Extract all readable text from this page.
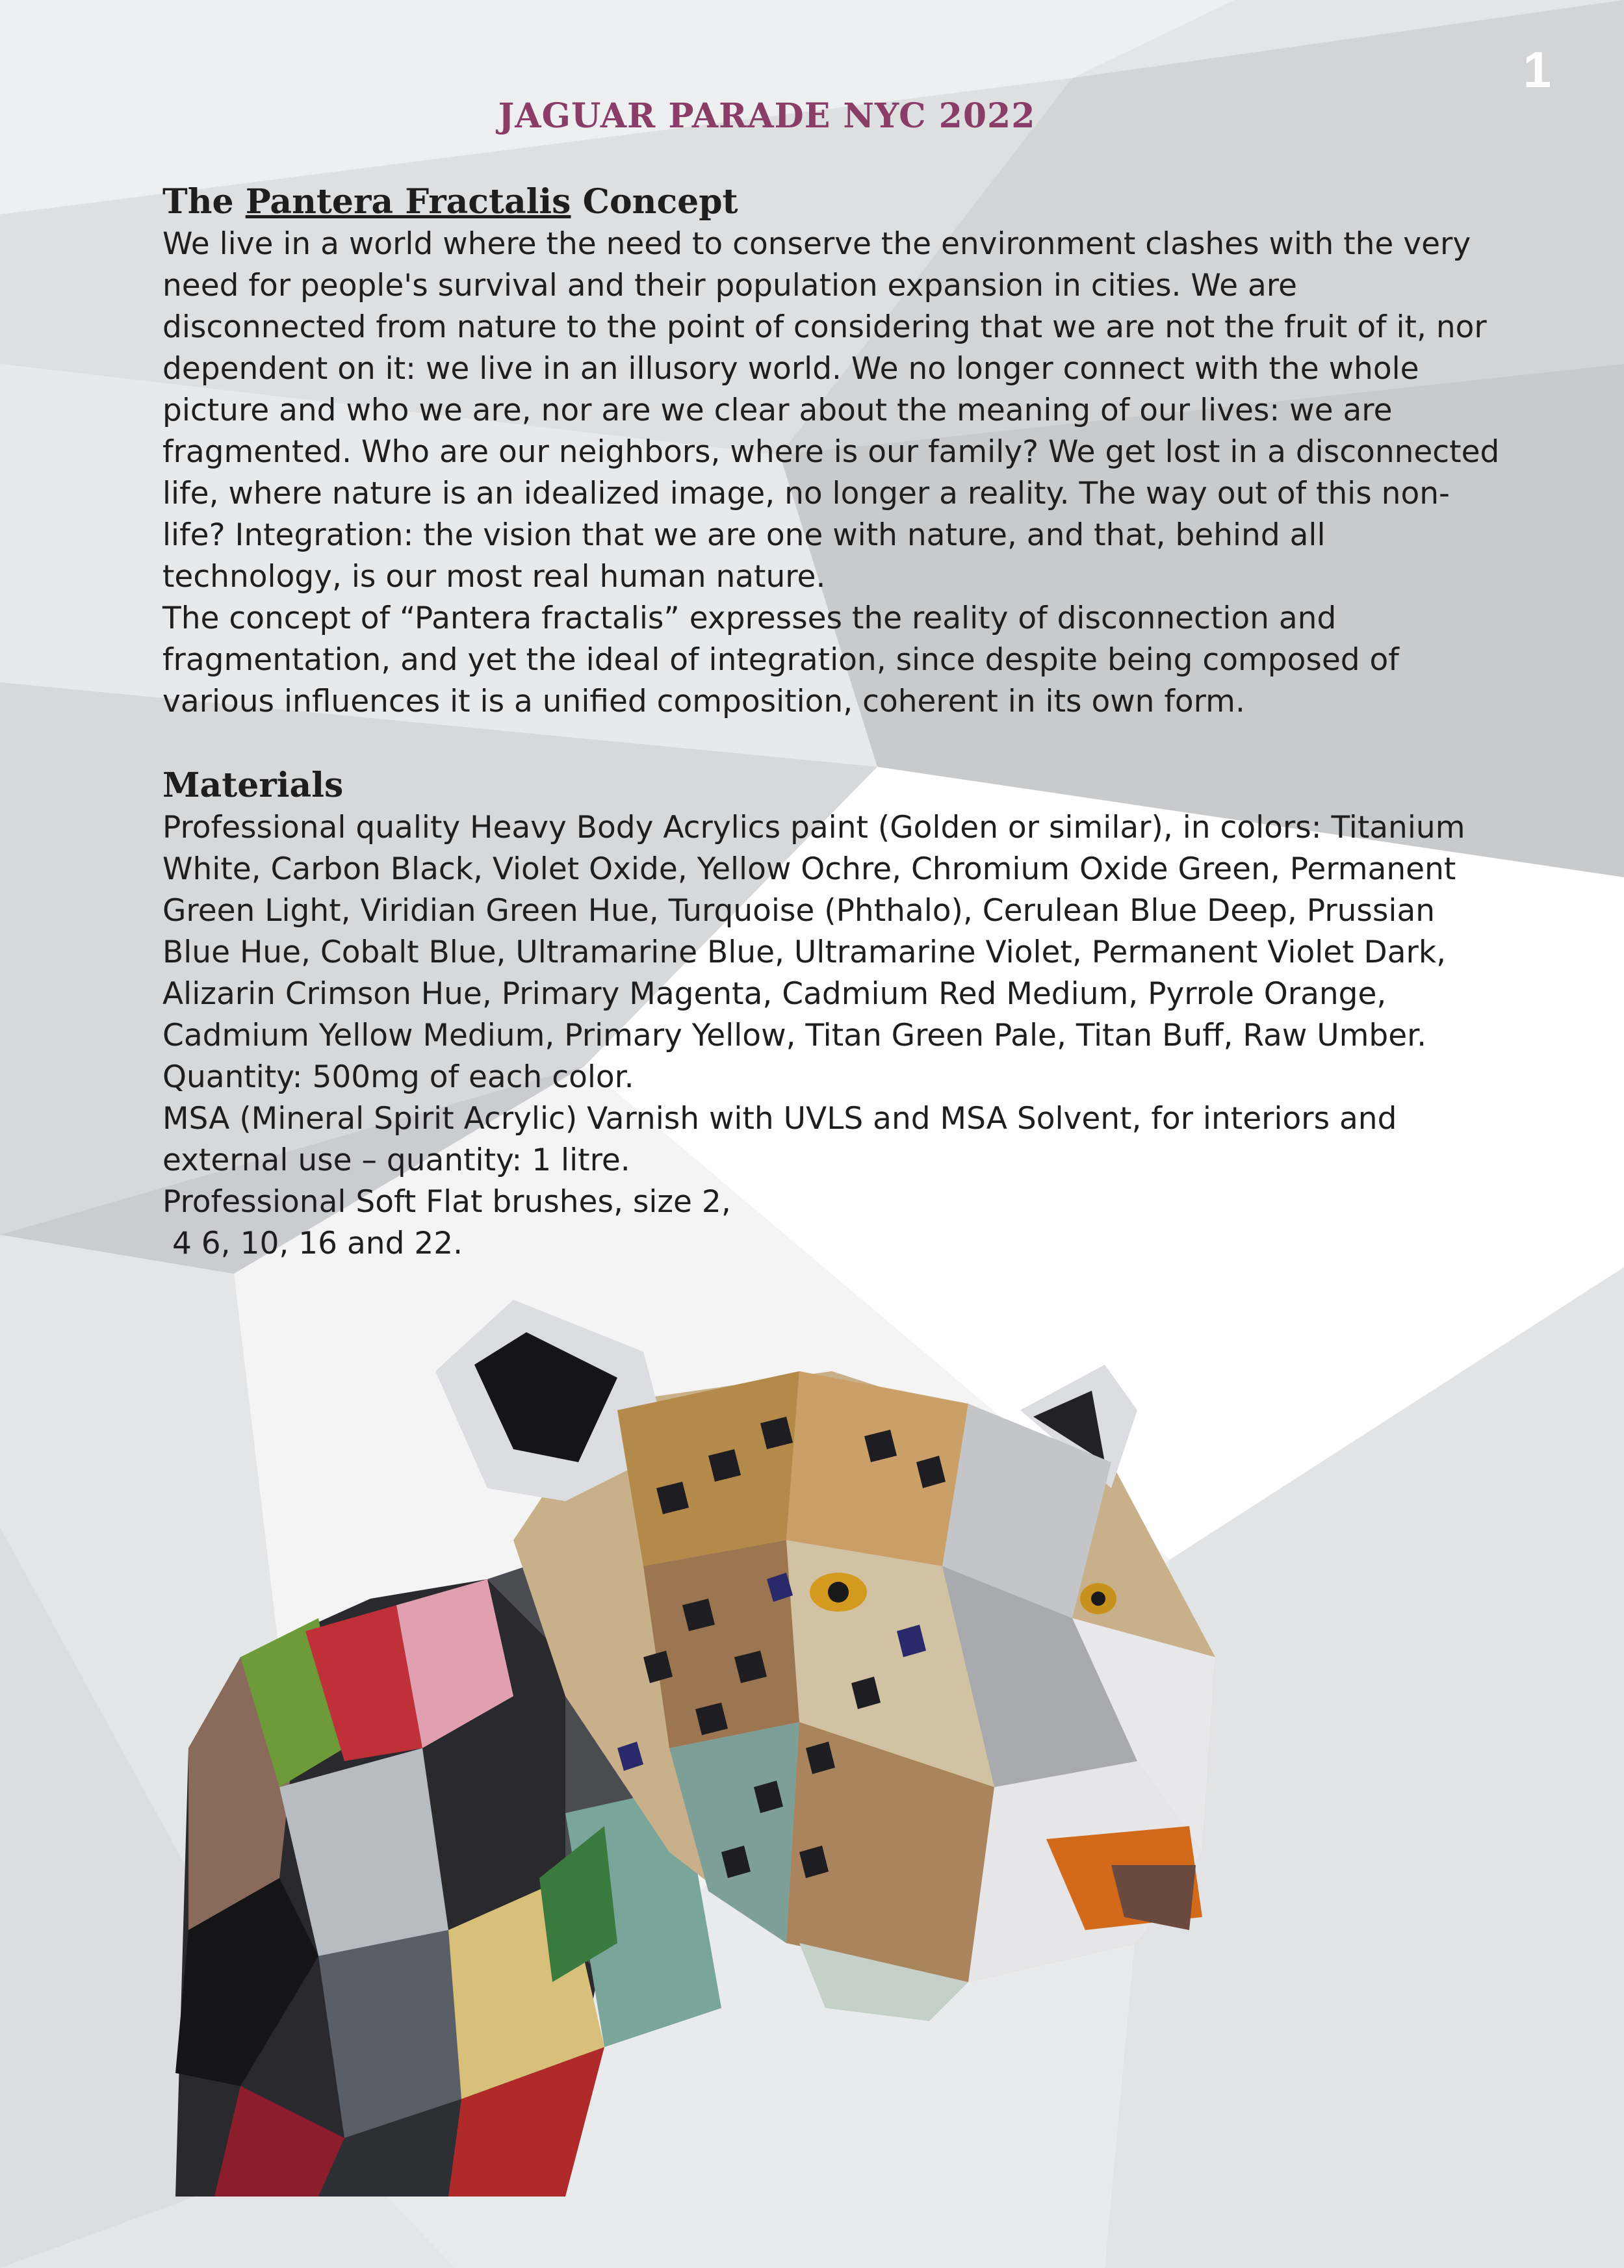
1
JAGUAR PARADE NYC 2022
The Pantera Fractalis Concept

We live in a world where the need to conserve the environment clashes with the very need for people's survival and their population expansion in cities. We are disconnected from nature to the point of considering that we are not the fruit of it, nor dependent on it: we live in an illusory world. We no longer connect with the whole picture and who we are, nor are we clear about the meaning of our lives: we are fragmented. Who are our neighbors, where is our family? We get lost in a disconnected life, where nature is an idealized image, no longer a reality. The way out of this non-life? Integration: the vision that we are one with nature, and that, behind all technology, is our most real human nature.

The concept of “Pantera fractalis” expresses the reality of disconnection and fragmentation, and yet the ideal of integration, since despite being composed of various influences it is a unified composition, coherent in its own form.

Materials

Professional quality Heavy Body Acrylics paint (Golden or similar), in colors: Titanium White, Carbon Black, Violet Oxide, Yellow Ochre, Chromium Oxide Green, Permanent Green Light, Viridian Green Hue, Turquoise (Phthalo), Cerulean Blue Deep, Prussian Blue Hue, Cobalt Blue, Ultramarine Blue, Ultramarine Violet, Permanent Violet Dark, Alizarin Crimson Hue, Primary Magenta, Cadmium Red Medium, Pyrrole Orange, Cadmium Yellow Medium, Primary Yellow, Titan Green Pale, Titan Buff, Raw Umber. Quantity: 500mg of each color.

MSA (Mineral Spirit Acrylic) Varnish with UVLS and MSA Solvent, for interiors and external use – quantity: 1 litre.

Professional Soft Flat brushes, size 2,

4 6, 10, 16 and 22.
